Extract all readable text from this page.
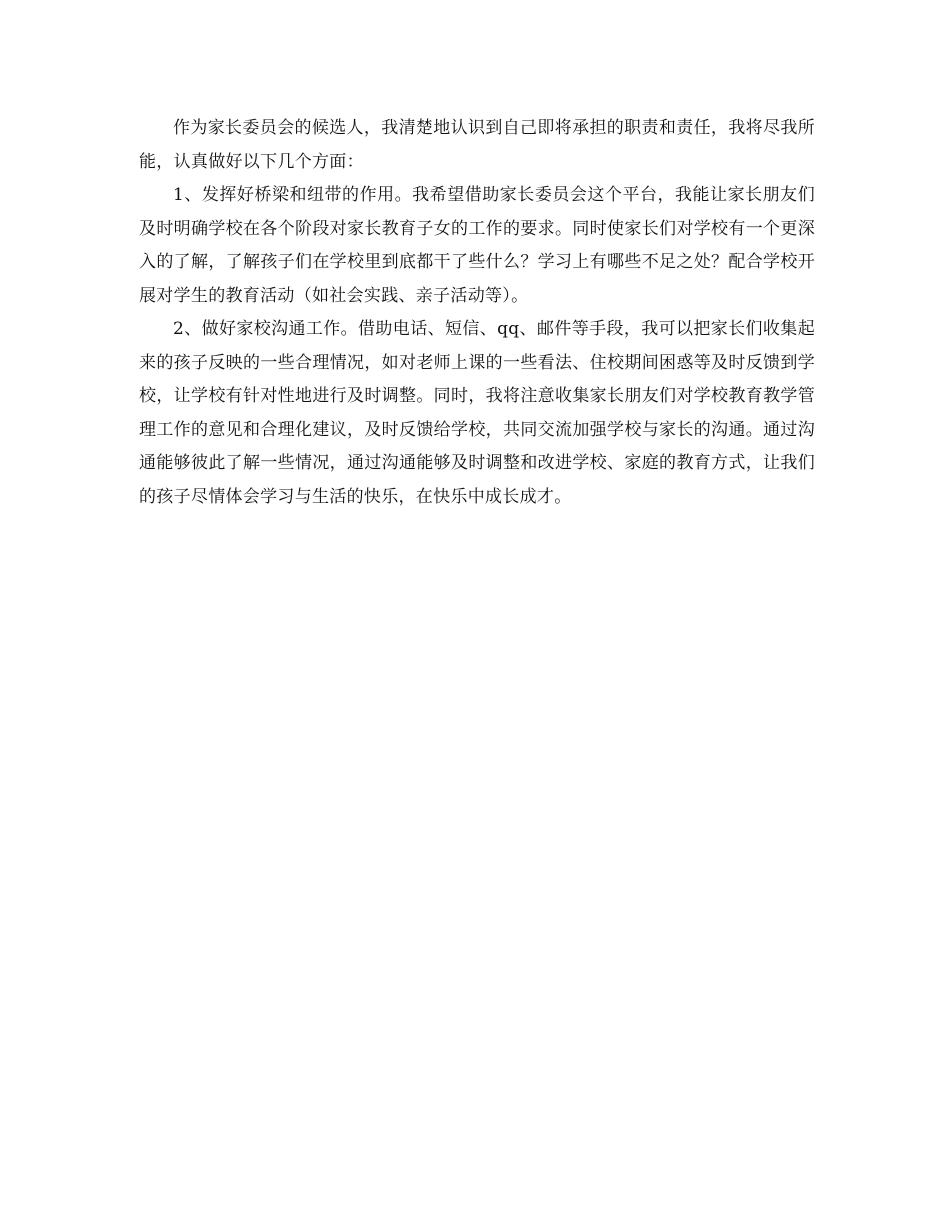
作为家长委员会的候选人，我清楚地认识到自己即将承担的职责和责任，我将尽我所能，认真做好以下几个方面：

1、发挥好桥梁和纽带的作用。我希望借助家长委员会这个平台，我能让家长朋友们及时明确学校在各个阶段对家长教育子女的工作的要求。同时使家长们对学校有一个更深入的了解，了解孩子们在学校里到底都干了些什么？学习上有哪些不足之处？配合学校开展对学生的教育活动（如社会实践、亲子活动等）。

2、做好家校沟通工作。借助电话、短信、qq、邮件等手段，我可以把家长们收集起来的孩子反映的一些合理情况，如对老师上课的一些看法、住校期间困惑等及时反馈到学校，让学校有针对性地进行及时调整。同时，我将注意收集家长朋友们对学校教育教学管理工作的意见和合理化建议，及时反馈给学校，共同交流加强学校与家长的沟通。通过沟通能够彼此了解一些情况，通过沟通能够及时调整和改进学校、家庭的教育方式，让我们的孩子尽情体会学习与生活的快乐，在快乐中成长成才。
